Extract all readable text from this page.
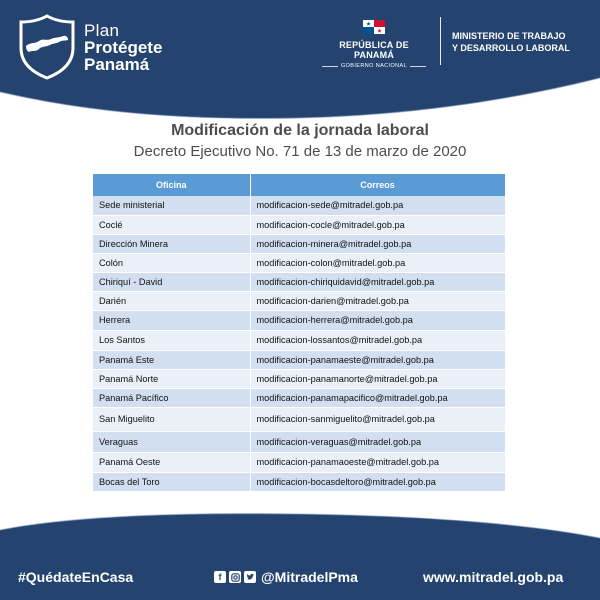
Plan
Protégete
Panamá
REPÚBLICA DE PANAMÁ
GOBIERNO NACIONAL
MINISTERIO DE TRABAJO
Y DESARROLLO LABORAL
Modificación de la jornada laboral
Decreto Ejecutivo No. 71 de 13 de marzo de 2020
Oficina	Correos
Sede ministerial	modificacion-sede@mitradel.gob.pa
Coclé	modificacion-cocle@mitradel.gob.pa
Dirección Minera	modificacion-minera@mitradel.gob.pa
Colón	modificacion-colon@mitradel.gob.pa
Chiriquí - David	modificacion-chiriquidavid@mitradel.gob.pa
Darién	modificacion-darien@mitradel.gob.pa
Herrera	modificacion-herrera@mitradel.gob.pa
Los Santos	modificacion-lossantos@mitradel.gob.pa
Panamá Este	modificacion-panamaeste@mitradel.gob.pa
Panamá Norte	modificacion-panamanorte@mitradel.gob.pa
Panamá Pacífico	modificacion-panamapacifico@mitradel.gob.pa
San Miguelito	modificacion-sanmiguelito@mitradel.gob.pa
Veraguas	modificacion-veraguas@mitradel.gob.pa
Panamá Oeste	modificacion-panamaoeste@mitradel.gob.pa
Bocas del Toro	modificacion-bocasdeltoro@mitradel.gob.pa
#QuédateEnCasa	f	@MitradelPma	www.mitradel.gob.pa
